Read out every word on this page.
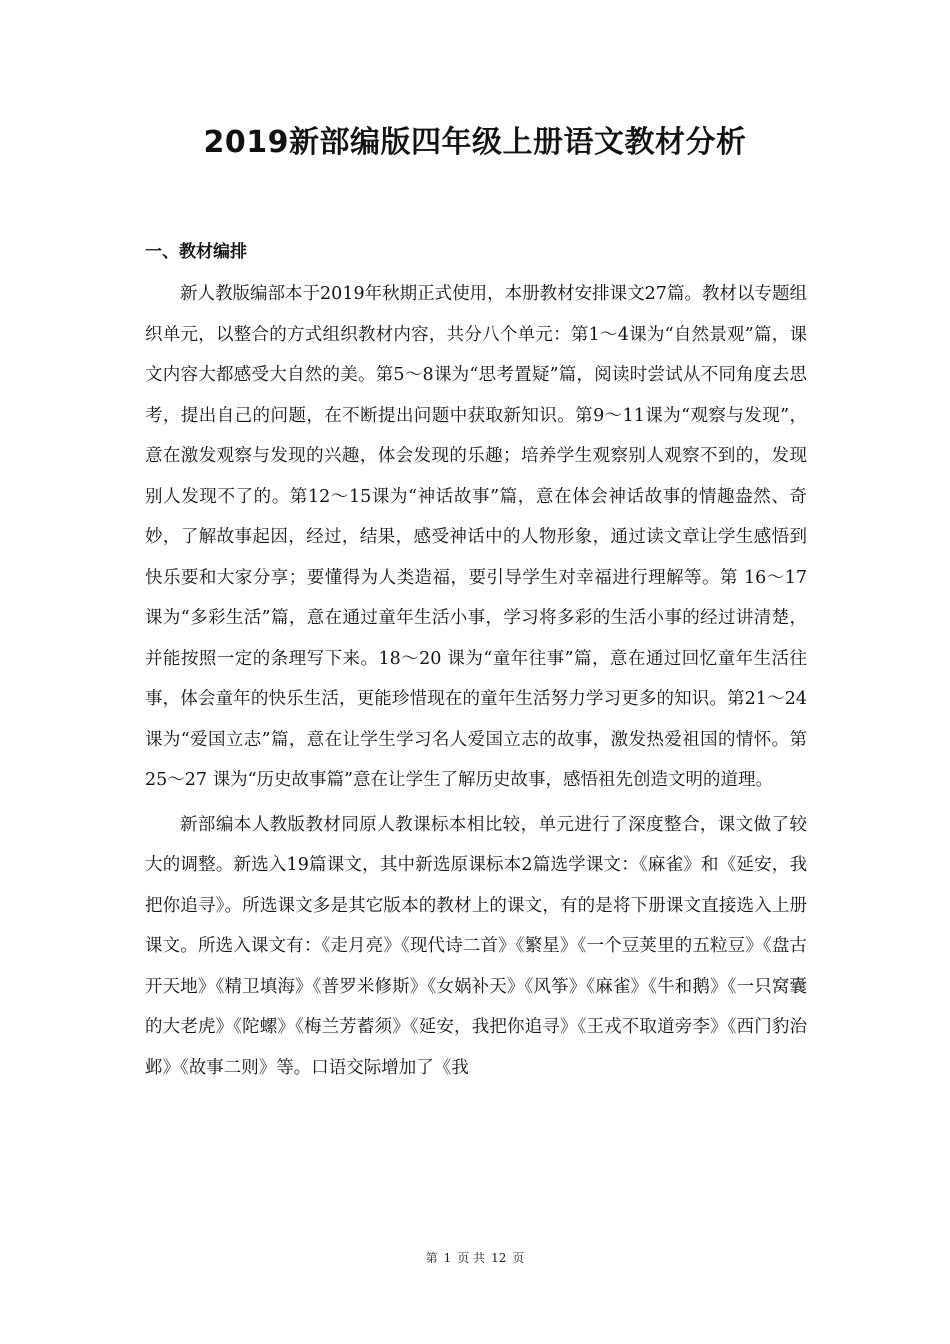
2019新部编版四年级上册语文教材分析
一、教材编排

新人教版编部本于2019年秋期正式使用，本册教材安排课文27篇。教材以专题组织单元，以整合的方式组织教材内容，共分八个单元：第1～4课为“自然景观”篇，课文内容大都感受大自然的美。第5～8课为“思考置疑”篇，阅读时尝试从不同角度去思考，提出自己的问题，在不断提出问题中获取新知识。第9～11课为“观察与发现”，意在激发观察与发现的兴趣，体会发现的乐趣；培养学生观察别人观察不到的，发现别人发现不了的。第12～15课为“神话故事”篇，意在体会神话故事的情趣盎然、奇妙，了解故事起因，经过，结果，感受神话中的人物形象，通过读文章让学生感悟到快乐要和大家分享；要懂得为人类造福，要引导学生对幸福进行理解等。第 16～17课为“多彩生活”篇，意在通过童年生活小事，学习将多彩的生活小事的经过讲清楚，并能按照一定的条理写下来。18～20 课为“童年往事”篇，意在通过回忆童年生活往事，体会童年的快乐生活，更能珍惜现在的童年生活努力学习更多的知识。第21～24课为“爱国立志”篇，意在让学生学习名人爱国立志的故事，激发热爱祖国的情怀。第25～27 课为“历史故事篇”意在让学生了解历史故事，感悟祖先创造文明的道理。

新部编本人教版教材同原人教课标本相比较，单元进行了深度整合，课文做了较大的调整。新选入19篇课文，其中新选原课标本2篇选学课文：《麻雀》和《延安，我把你追寻》。所选课文多是其它版本的教材上的课文，有的是将下册课文直接选入上册课文。所选入课文有：《走月亮》《现代诗二首》《繁星》《一个豆荚里的五粒豆》《盘古开天地》《精卫填海》《普罗米修斯》《女娲补天》《风筝》《麻雀》《牛和鹅》《一只窝囊的大老虎》《陀螺》《梅兰芳蓄须》《延安，我把你追寻》《王戎不取道旁李》《西门豹治邺》《故事二则》等。口语交际增加了《我

第 1 页 共 12 页
